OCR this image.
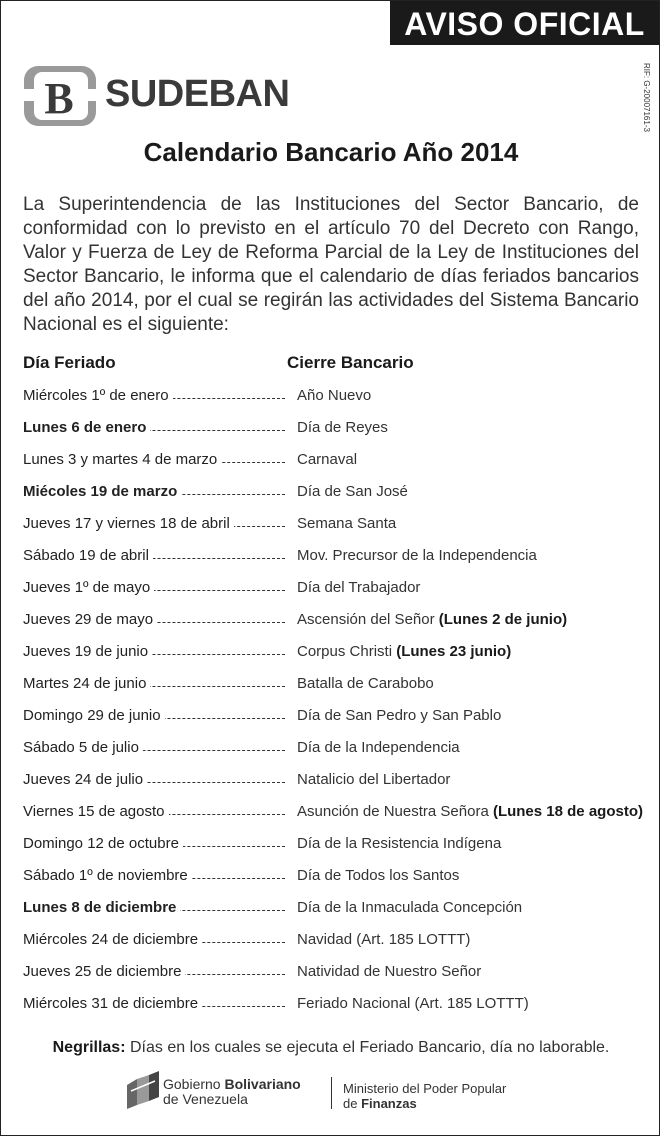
AVISO OFICIAL
B SUDEBAN	RIF: G-20007161-3
Calendario Bancario Año 2014
La Superintendencia de las Instituciones del Sector Bancario, de conformidad con lo previsto en el artículo 70 del Decreto con Rango, Valor y Fuerza de Ley de Reforma Parcial de la Ley de Instituciones del Sector Bancario, le informa que el calendario de días feriados bancarios del año 2014, por el cual se regirán las actividades del Sistema Bancario Nacional es el siguiente:
Día Feriado	Cierre Bancario
Miércoles 1º de enero	Año Nuevo
Lunes 6 de enero	Día de Reyes
Lunes 3 y martes 4 de marzo	Carnaval
Miécoles 19 de marzo	Día de San José
Jueves 17 y viernes 18 de abril	Semana Santa
Sábado 19 de abril	Mov. Precursor de la Independencia
Jueves 1º de mayo	Día del Trabajador
Jueves 29 de mayo	Ascensión del Señor (Lunes 2 de junio)
Jueves 19 de junio	Corpus Christi (Lunes 23 junio)
Martes 24 de junio	Batalla de Carabobo
Domingo 29 de junio	Día de San Pedro y San Pablo
Sábado 5 de julio	Día de la Independencia
Jueves 24 de julio	Natalicio del Libertador
Viernes 15 de agosto	Asunción de Nuestra Señora (Lunes 18 de agosto)
Domingo 12 de octubre	Día de la Resistencia Indígena
Sábado 1º de noviembre	Día de Todos los Santos
Lunes 8 de diciembre	Día de la Inmaculada Concepción
Miércoles 24 de diciembre	Navidad (Art. 185 LOTTT)
Jueves 25 de diciembre	Natividad de Nuestro Señor
Miércoles 31 de diciembre	Feriado Nacional (Art. 185 LOTTT)
Negrillas: Días en los cuales se ejecuta el Feriado Bancario, día no laborable.
Gobierno Bolivariano
de Venezuela
Ministerio del Poder Popular
de Finanzas
